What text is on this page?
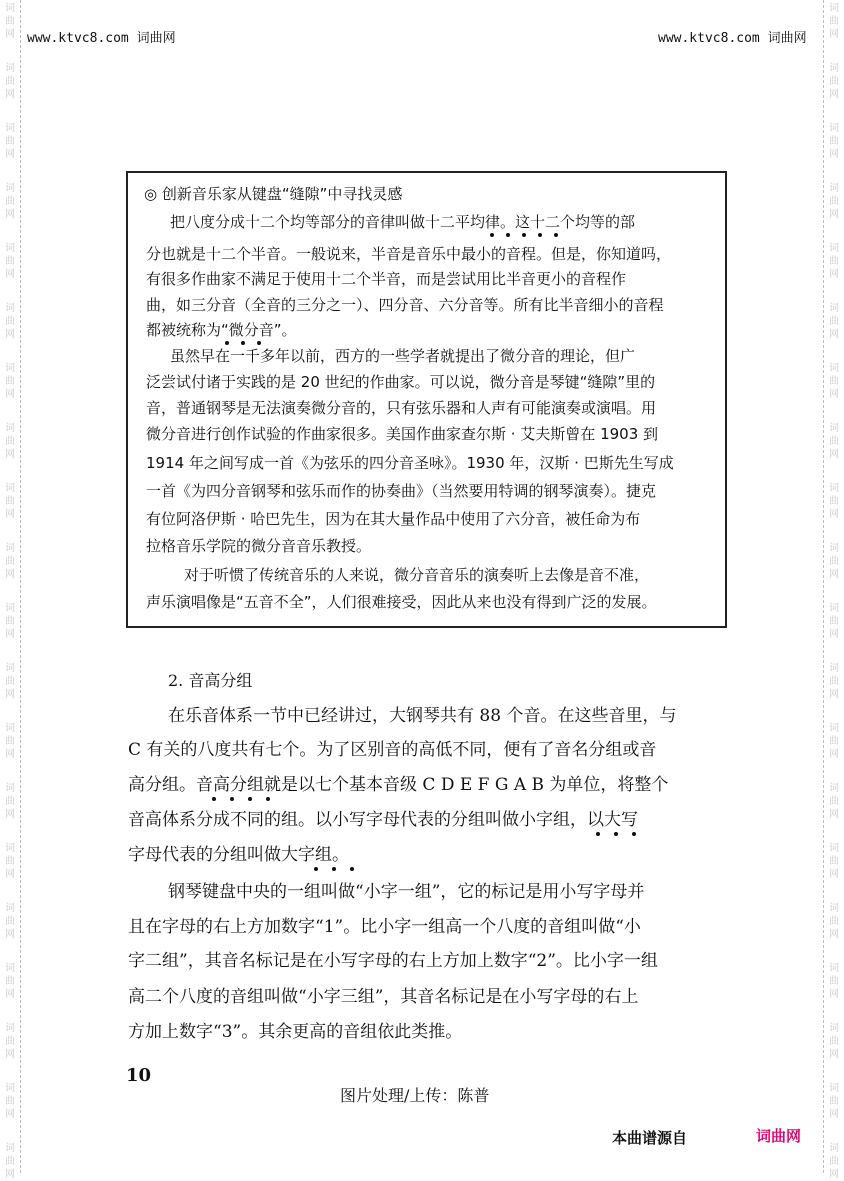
词
曲
网
词
曲
网
词
曲
网
词
曲
网
词
曲
网
词
曲
网
词
曲
网
词
曲
网
词
曲
网
词
曲
网
词
曲
网
词
曲
网
词
曲
网
词
曲
网
词
曲
网
词
曲
网
词
曲
网
词
曲
网
词
曲
网
词
曲
网
词
曲
网
词
曲
网
词
曲
网
词
曲
网
词
曲
网
词
曲
网
词
曲
网
词
曲
网
词
曲
网
词
曲
网
词
曲
网
词
曲
网
词
曲
网
词
曲
网
词
曲
网
词
曲
网
词
曲
网
词
曲
网
词
曲
网
词
曲
网
www.ktvc8.com 词曲网	www.ktvc8.com 词曲网
◎ 创新音乐家从键盘“缝隙”中寻找灵感
把八度分成十二个均等部分的音律叫做十二平均律。这十二个均等的部
分也就是十二个半音。一般说来，半音是音乐中最小的音程。但是，你知道吗，
有很多作曲家不满足于使用十二个半音，而是尝试用比半音更小的音程作
曲，如三分音（全音的三分之一）、四分音、六分音等。所有比半音细小的音程
都被统称为“微分音”。
虽然早在一千多年以前，西方的一些学者就提出了微分音的理论，但广
泛尝试付诸于实践的是 20 世纪的作曲家。可以说，微分音是琴键“缝隙”里的
音，普通钢琴是无法演奏微分音的，只有弦乐器和人声有可能演奏或演唱。用
微分音进行创作试验的作曲家很多。美国作曲家查尔斯 · 艾夫斯曾在 1903 到
1914 年之间写成一首《为弦乐的四分音圣咏》。1930 年，汉斯 · 巴斯先生写成
一首《为四分音钢琴和弦乐而作的协奏曲》（当然要用特调的钢琴演奏）。捷克
有位阿洛伊斯 · 哈巴先生，因为在其大量作品中使用了六分音，被任命为布
拉格音乐学院的微分音音乐教授。
对于听惯了传统音乐的人来说，微分音音乐的演奏听上去像是音不准，
声乐演唱像是“五音不全”，人们很难接受，因此从来也没有得到广泛的发展。
2. 音高分组
在乐音体系一节中已经讲过，大钢琴共有 88 个音。在这些音里，与
C 有关的八度共有七个。为了区别音的高低不同，便有了音名分组或音
高分组。音高分组就是以七个基本音级 C D E F G A B 为单位，将整个
音高体系分成不同的组。以小写字母代表的分组叫做小字组，以大写
字母代表的分组叫做大字组。
钢琴键盘中央的一组叫做“小字一组”，它的标记是用小写字母并
且在字母的右上方加数字“1”。比小字一组高一个八度的音组叫做“小
字二组”，其音名标记是在小写字母的右上方加上数字“2”。比小字一组
高二个八度的音组叫做“小字三组”，其音名标记是在小写字母的右上
方加上数字“3”。其余更高的音组依此类推。
10
图片处理/上传：陈普
本曲谱源自	词曲网
